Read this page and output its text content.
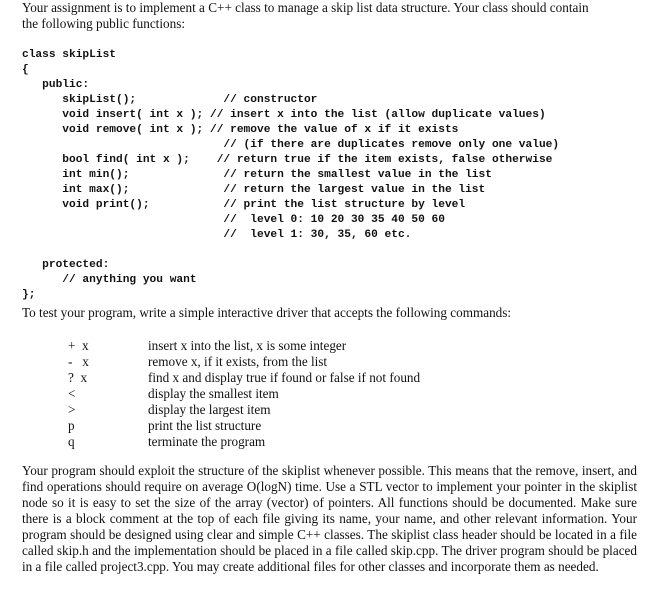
Your assignment is to implement a C++ class to manage a skip list data structure. Your class should contain
the following public functions:
class skipList
{
public:
skipList();             // constructor
void insert( int x ); // insert x into the list (allow duplicate values)
void remove( int x ); // remove the value of x if it exists
// (if there are duplicates remove only one value)
bool find( int x );    // return true if the item exists, false otherwise
int min();              // return the smallest value in the list
int max();              // return the largest value in the list
void print();           // print the list structure by level
//  level 0: 10 20 30 35 40 50 60
//  level 1: 30, 35, 60 etc.
protected:
// anything you want
};
To test your program, write a simple interactive driver that accepts the following commands:
+  x	insert x into the list, x is some integer
-   x	remove x, if it exists, from the list
?  x	find x and display true if found or false if not found
<	display the smallest item
>	display the largest item
p	print the list structure
q	terminate the program

Your program should exploit the structure of the skiplist whenever possible. This means that the remove, insert, and find operations should require on average O(logN) time. Use a STL vector to implement your pointer in the skiplist node so it is easy to set the size of the array (vector) of pointers. All functions should be documented. Make sure there is a block comment at the top of each file giving its name, your name, and other relevant information. Your program should be designed using clear and simple C++ classes. The skiplist class header should be located in a file called skip.h and the implementation should be placed in a file called skip.cpp. The driver program should be placed in a file called project3.cpp. You may create additional files for other classes and incorporate them as needed.
